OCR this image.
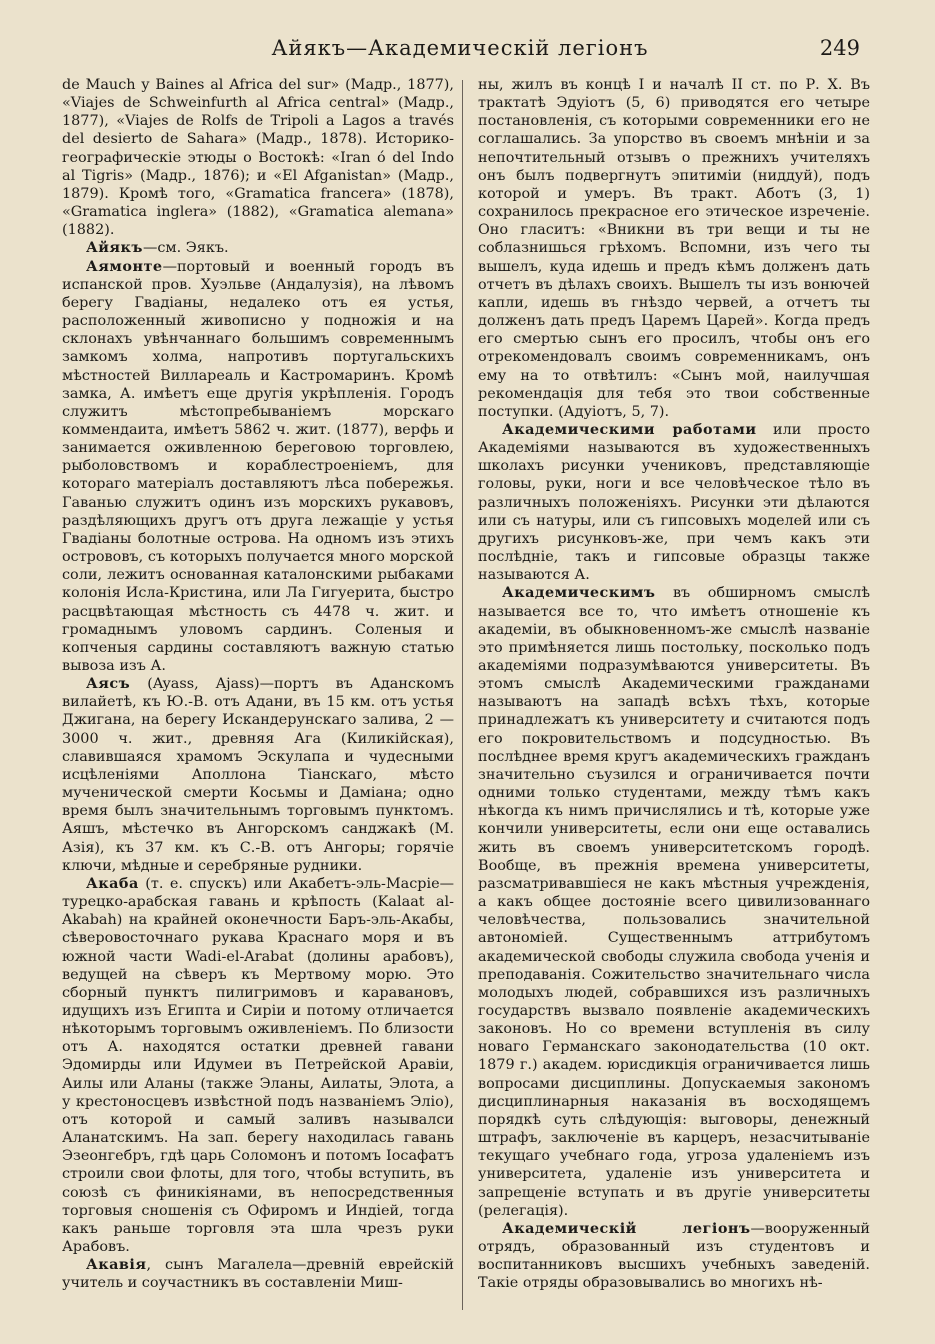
Айякъ—Академическій легіонъ	249

de Mauch y Baines al Africa del sur» (Мадр., 1877), «Viajes de Schweinfurth al Africa central» (Мадр., 1877), «Viajes de Rolfs de Tripoli a Lagos a través del desierto de Sahara» (Мадр., 1878). Историко-географическіе этюды о Востокѣ: «Iran ó del Indo al Tigris» (Мадр., 1876); и «El Afganistan» (Мадр., 1879). Кромѣ того, «Gramatica francera» (1878), «Gramatica inglera» (1882), «Gramatica alemana» (1882).

Айякъ—см. Эякъ.

Аямонте—портовый и военный городъ въ испанской пров. Хуэльве (Андалузія), на лѣвомъ берегу Гвадіаны, недалеко отъ ея устья, расположенный живописно у подножія и на склонахъ увѣнчаннаго большимъ современнымъ замкомъ холма, напротивъ португальскихъ мѣстностей Виллареаль и Кастромаринъ. Кромѣ замка, А. имѣетъ еще другія укрѣпленія. Городъ служитъ мѣстопребываніемъ морскаго коммендаита, имѣетъ 5862 ч. жит. (1877), верфь и занимается оживленною береговою торговлею, рыболовствомъ и кораблестроеніемъ, для котораго матеріалъ доставляютъ лѣса побережья. Гаванью служитъ одинъ изъ морскихъ рукавовъ, раздѣляющихъ другъ отъ друга лежащіе у устья Гвадіаны болотные острова. На одномъ изъ этихъ острововъ, съ которыхъ получается много морской соли, лежитъ основанная каталонскими рыбаками колонія Исла-Кристина, или Ла Гигуерита, быстро расцвѣтающая мѣстность съ 4478 ч. жит. и громаднымъ уловомъ сардинъ. Соленыя и копченыя сардины составляютъ важную статью вывоза изъ А.

Аясъ (Ayass, Ajass)—портъ въ Аданскомъ вилайетѣ, къ Ю.-В. отъ Адани, въ 15 км. отъ устья Джигана, на берегу Искандерунскаго залива, 2 — 3000 ч. жит., древняя Ага (Киликійская), славившаяся храмомъ Эскулапа и чудесными исцѣленіями Аполлона Тіанскаго, мѣсто мученической смерти Косьмы и Даміана; одно время былъ значительнымъ торговымъ пунктомъ. Аяшъ, мѣстечко въ Ангорскомъ санджакѣ (М. Азія), къ 37 км. къ С.-В. отъ Ангоры; горячіе ключи, мѣдные и серебряные рудники.

Акаба (т. е. спускъ) или Акабетъ-эль-Масріе—турецко-арабская гавань и крѣпость (Kalaat al-Akabah) на крайней оконечности Баръ-эль-Акабы, сѣверовосточнаго рукава Краснаго моря и въ южной части Wadi-el-Arabat (долины арабовъ), ведущей на сѣверъ къ Мертвому морю. Это сборный пунктъ пилигримовъ и каравановъ, идущихъ изъ Египта и Сиріи и потому отличается нѣкоторымъ торговымъ оживленіемъ. По близости отъ А. находятся остатки древней гавани Эдомирды или Идумеи въ Петрейской Аравіи, Аилы или Аланы (также Эланы, Аилаты, Элота, а у крестоносцевъ извѣстной подъ названіемъ Эліо), отъ которой и самый заливъ называлси Аланатскимъ. На зап. берегу находилась гавань Эзеонгебръ, гдѣ царь Соломонъ и потомъ Іосафатъ строили свои флоты, для того, чтобы вступить, въ союзѣ съ финикіянами, въ непосредственныя торговыя сношенія съ Офиромъ и Индіей, тогда какъ раньше торговля эта шла чрезъ руки Арабовъ.

Акавія, сынъ Магалела—древній еврейскій учитель и соучастникъ въ составленіи Миш-

ны, жилъ въ концѣ I и началѣ II ст. по Р. Х. Въ трактатѣ Эдуіотъ (5, 6) приводятся его четыре постановленія, съ которыми современники его не соглашались. За упорство въ своемъ мнѣніи и за непочтительный отзывъ о прежнихъ учителяхъ онъ былъ подвергнутъ эпитиміи (ниддуй), подъ которой и умеръ. Въ тракт. Аботъ (3, 1) сохранилось прекрасное его этическое изреченіе. Оно гласитъ: «Вникни въ три вещи и ты не соблазнишься грѣхомъ. Вспомни, изъ чего ты вышелъ, куда идешь и предъ кѣмъ долженъ дать отчетъ въ дѣлахъ своихъ. Вышелъ ты изъ вонючей капли, идешь въ гнѣздо червей, а отчетъ ты долженъ дать предъ Царемъ Царей». Когда предъ его смертью сынъ его просилъ, чтобы онъ его отрекомендовалъ своимъ современникамъ, онъ ему на то отвѣтилъ: «Сынъ мой, наилучшая рекомендація для тебя это твои собственные поступки. (Адуіотъ, 5, 7).

Академическими работами или просто Академіями называются въ художественныхъ школахъ рисунки учениковъ, представляющіе головы, руки, ноги и все человѣческое тѣло въ различныхъ положеніяхъ. Рисунки эти дѣлаются или съ натуры, или съ гипсовыхъ моделей или съ другихъ рисунковъ-же, при чемъ какъ эти послѣдніе, такъ и гипсовые образцы также называются А.

Академическимъ въ обширномъ смыслѣ называется все то, что имѣетъ отношеніе къ академіи, въ обыкновенномъ-же смыслѣ названіе это примѣняется лишь постольку, посколько подъ академіями подразумѣваются университеты. Въ этомъ смыслѣ Академическими гражданами называютъ на западѣ всѣхъ тѣхъ, которые принадлежатъ къ университету и считаются подъ его покровительствомъ и подсудностью. Въ послѣднее время кругъ академическихъ гражданъ значительно съузился и ограничивается почти одними только студентами, между тѣмъ какъ нѣкогда къ нимъ причислялись и тѣ, которые уже кончили университеты, если они еще оставались жить въ своемъ университетскомъ городѣ. Вообще, въ прежнія времена университеты, разсматривавшіеся не какъ мѣстныя учрежденія, а какъ общее достояніе всего цивилизованнаго человѣчества, пользовались значительной автономіей. Существеннымъ аттрибутомъ академической свободы служила свобода ученія и преподаванія. Сожительство значительнаго числа молодыхъ людей, собравшихся изъ различныхъ государствъ вызвало появленіе академическихъ законовъ. Но со времени вступленія въ силу новаго Германскаго законодательства (10 окт. 1879 г.) академ. юрисдикція ограничивается лишь вопросами дисциплины. Допускаемыя закономъ дисциплинарныя наказанія въ восходящемъ порядкѣ суть слѣдующія: выговоры, денежный штрафъ, заключеніе въ карцеръ, незасчитываніе текущаго учебнаго года, угроза удаленіемъ изъ университета, удаленіе изъ университета и запрещеніе вступать и въ другіе университеты (релегація).

Академическій легіонъ—вооруженный отрядъ, образованный изъ студентовъ и воспитанниковъ высшихъ учебныхъ заведеній. Такіе отряды образовывались во многихъ нѣ-
